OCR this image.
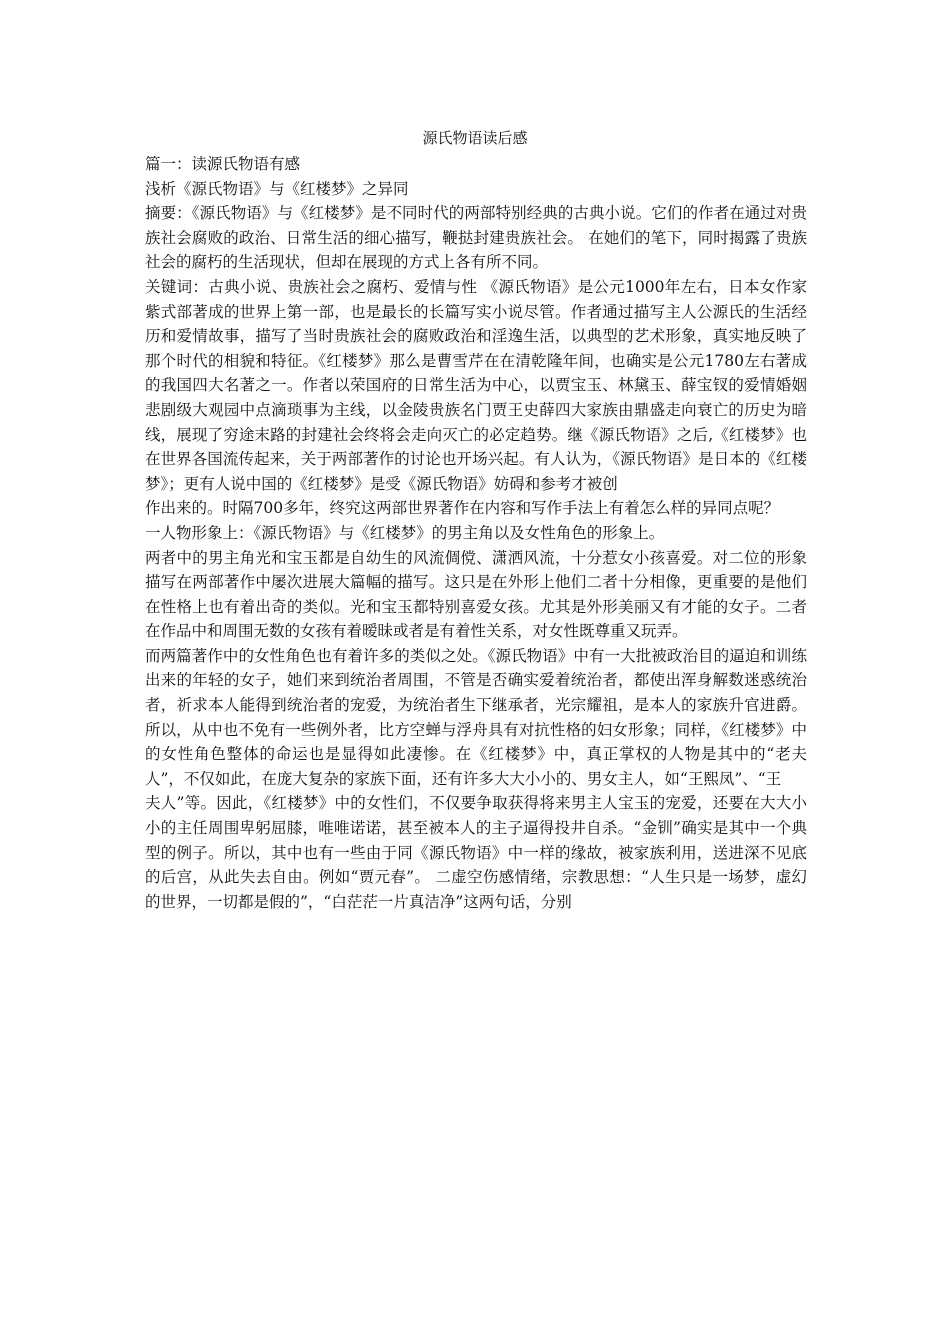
源氏物语读后感

篇一：读源氏物语有感

浅析《源氏物语》与《红楼梦》之异同

摘要：《源氏物语》与《红楼梦》是不同时代的两部特别经典的古典小说。它们的作者在通过对贵族社会腐败的政治、日常生活的细心描写，鞭挞封建贵族社会。 在她们的笔下，同时揭露了贵族社会的腐朽的生活现状，但却在展现的方式上各有所不同。

关键词：古典小说、贵族社会之腐朽、爱情与性 《源氏物语》是公元1000年左右，日本女作家紫式部著成的世界上第一部，也是最长的长篇写实小说尽管。作者通过描写主人公源氏的生活经历和爱情故事，描写了当时贵族社会的腐败政治和淫逸生活，以典型的艺术形象，真实地反映了那个时代的相貌和特征。《红楼梦》那么是曹雪芹在在清乾隆年间，也确实是公元1780左右著成的我国四大名著之一。作者以荣国府的日常生活为中心，以贾宝玉、林黛玉、薛宝钗的爱情婚姻悲剧级大观园中点滴琐事为主线，以金陵贵族名门贾王史薛四大家族由鼎盛走向衰亡的历史为暗线，展现了穷途末路的封建社会终将会走向灭亡的必定趋势。继《源氏物语》之后,《红楼梦》也在世界各国流传起来，关于两部著作的讨论也开场兴起。有人认为，《源氏物语》是日本的《红楼梦》；更有人说中国的《红楼梦》是受《源氏物语》妨碍和参考才被创

作出来的。时隔700多年，终究这两部世界著作在内容和写作手法上有着怎么样的异同点呢？

一人物形象上：《源氏物语》与《红楼梦》的男主角以及女性角色的形象上。

两者中的男主角光和宝玉都是自幼生的风流倜傥、潇洒风流，十分惹女小孩喜爱。对二位的形象描写在两部著作中屡次进展大篇幅的描写。这只是在外形上他们二者十分相像，更重要的是他们在性格上也有着出奇的类似。光和宝玉都特别喜爱女孩。尤其是外形美丽又有才能的女子。二者在作品中和周围无数的女孩有着暧昧或者是有着性关系，对女性既尊重又玩弄。

而两篇著作中的女性角色也有着许多的类似之处。《源氏物语》中有一大批被政治目的逼迫和训练出来的年轻的女子，她们来到统治者周围，不管是否确实爱着统治者，都使出浑身解数迷惑统治者，祈求本人能得到统治者的宠爱，为统治者生下继承者，光宗耀祖，是本人的家族升官进爵。所以，从中也不免有一些例外者，比方空蝉与浮舟具有对抗性格的妇女形象；同样，《红楼梦》中的女性角色整体的命运也是显得如此凄惨。在《红楼梦》中，真正掌权的人物是其中的“老夫人”，不仅如此，在庞大复杂的家族下面，还有许多大大小小的、男女主人，如“王熙凤”、“王

夫人”等。因此，《红楼梦》中的女性们，不仅要争取获得将来男主人宝玉的宠爱，还要在大大小小的主任周围卑躬屈膝，唯唯诺诺，甚至被本人的主子逼得投井自杀。“金钏”确实是其中一个典型的例子。所以，其中也有一些由于同《源氏物语》中一样的缘故，被家族利用，送进深不见底的后宫，从此失去自由。例如“贾元春”。 二虚空伤感情绪，宗教思想：“人生只是一场梦，虚幻的世界，一切都是假的”，“白茫茫一片真洁净”这两句话，分别
